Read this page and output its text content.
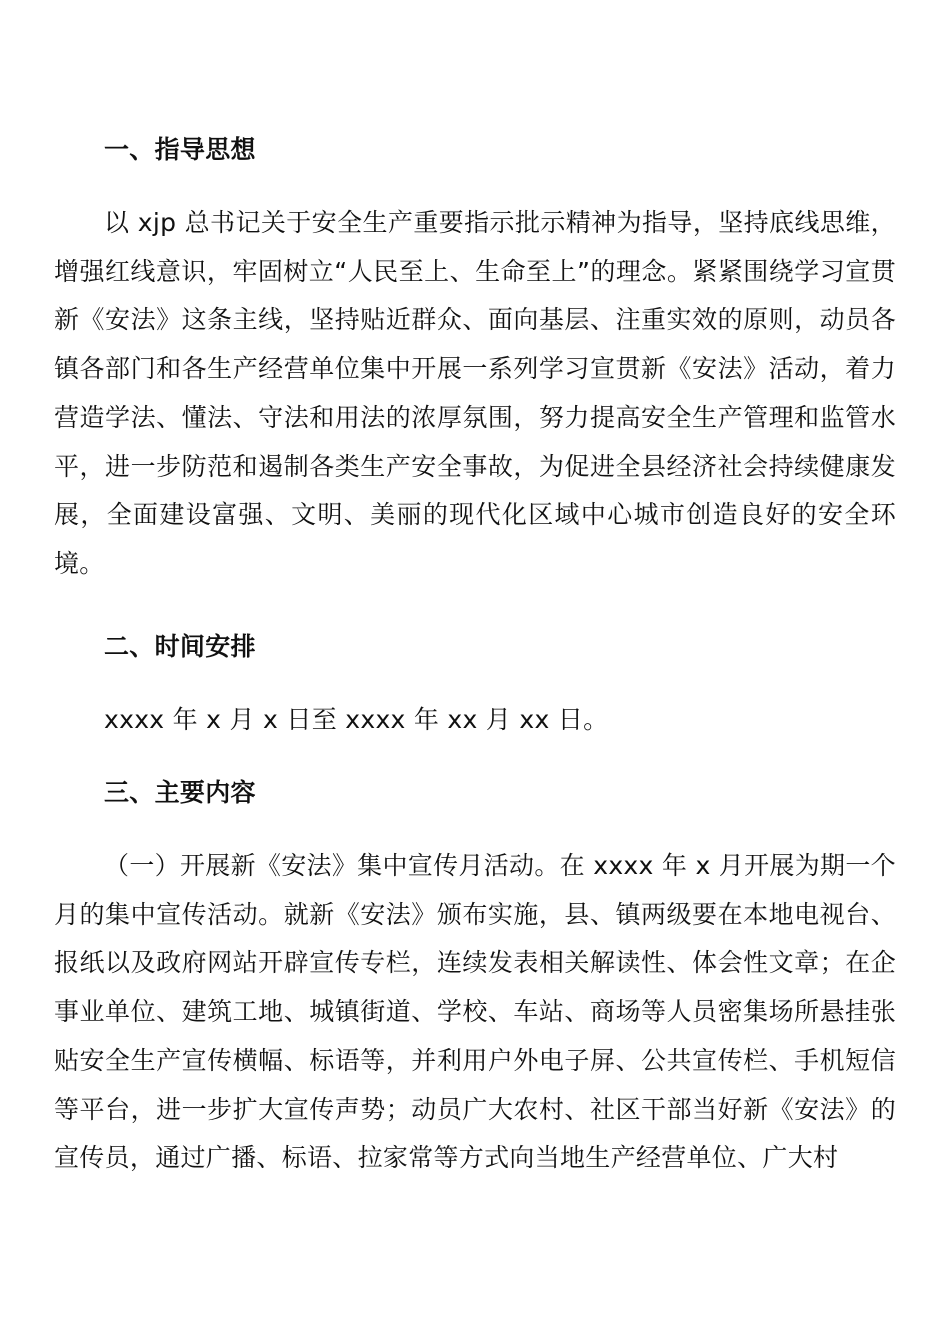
一、指导思想

以 xjp 总书记关于安全生产重要指示批示精神为指导，坚持底线思维，增强红线意识，牢固树立“人民至上、生命至上”的理念。紧紧围绕学习宣贯新《安法》这条主线，坚持贴近群众、面向基层、注重实效的原则，动员各镇各部门和各生产经营单位集中开展一系列学习宣贯新《安法》活动，着力营造学法、懂法、守法和用法的浓厚氛围，努力提高安全生产管理和监管水平，进一步防范和遏制各类生产安全事故，为促进全县经济社会持续健康发展，全面建设富强、文明、美丽的现代化区域中心城市创造良好的安全环境。

二、时间安排

xxxx 年 x 月 x 日至 xxxx 年 xx 月 xx 日。

三、主要内容

（一）开展新《安法》集中宣传月活动。在 xxxx 年 x 月开展为期一个月的集中宣传活动。就新《安法》颁布实施，县、镇两级要在本地电视台、报纸以及政府网站开辟宣传专栏，连续发表相关解读性、体会性文章；在企事业单位、建筑工地、城镇街道、学校、车站、商场等人员密集场所悬挂张贴安全生产宣传横幅、标语等，并利用户外电子屏、公共宣传栏、手机短信等平台，进一步扩大宣传声势；动员广大农村、社区干部当好新《安法》的宣传员，通过广播、标语、拉家常等方式向当地生产经营单位、广大村
